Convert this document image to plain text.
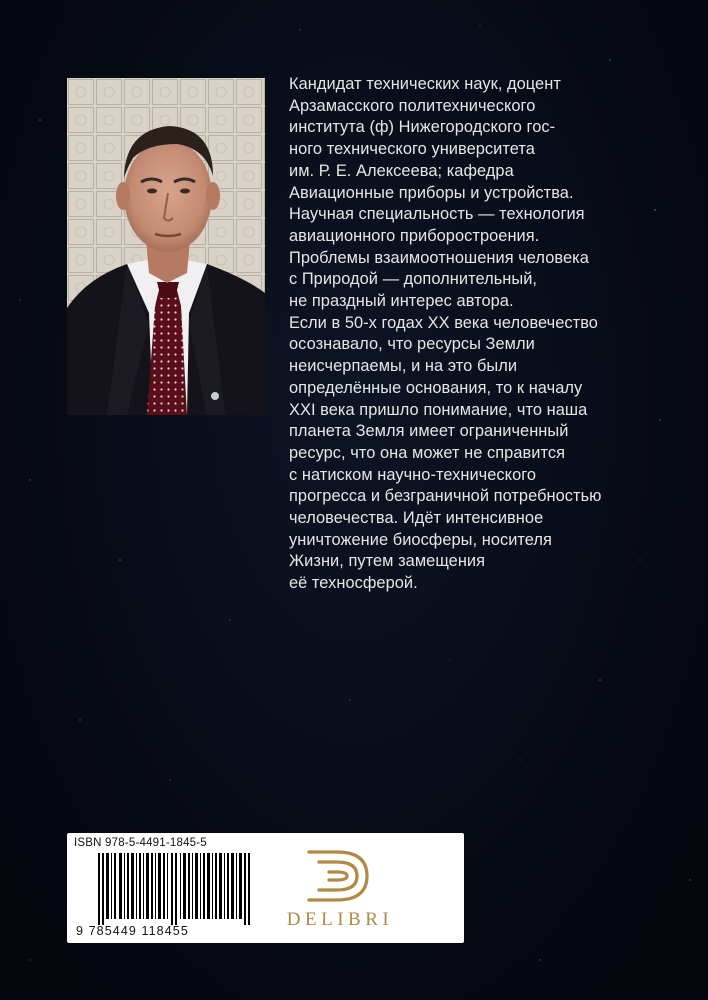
Кандидат технических наук, доцент
Арзамасского политехнического
института (ф) Нижегородского гос-
ного технического университета
им. Р. Е. Алексеева; кафедра
Авиационные приборы и устройства.
Научная специальность — технология
авиационного приборостроения.
Проблемы взаимоотношения человека
с Природой — дополнительный,
не праздный интерес автора.
Если в 50-х годах XX века человечество
осознавало, что ресурсы Земли
неисчерпаемы, и на это были
определённые основания, то к началу
XXI века пришло понимание, что наша
планета Земля имеет ограниченный
ресурс, что она может не справится
с натиском научно-технического
прогресса и безграничной потребностью
человечества. Идёт интенсивное
уничтожение биосферы, носителя
Жизни, путем замещения
её техносферой.
ISBN 978-5-4491-1845-5
9 785449 118455
DELIBRI
